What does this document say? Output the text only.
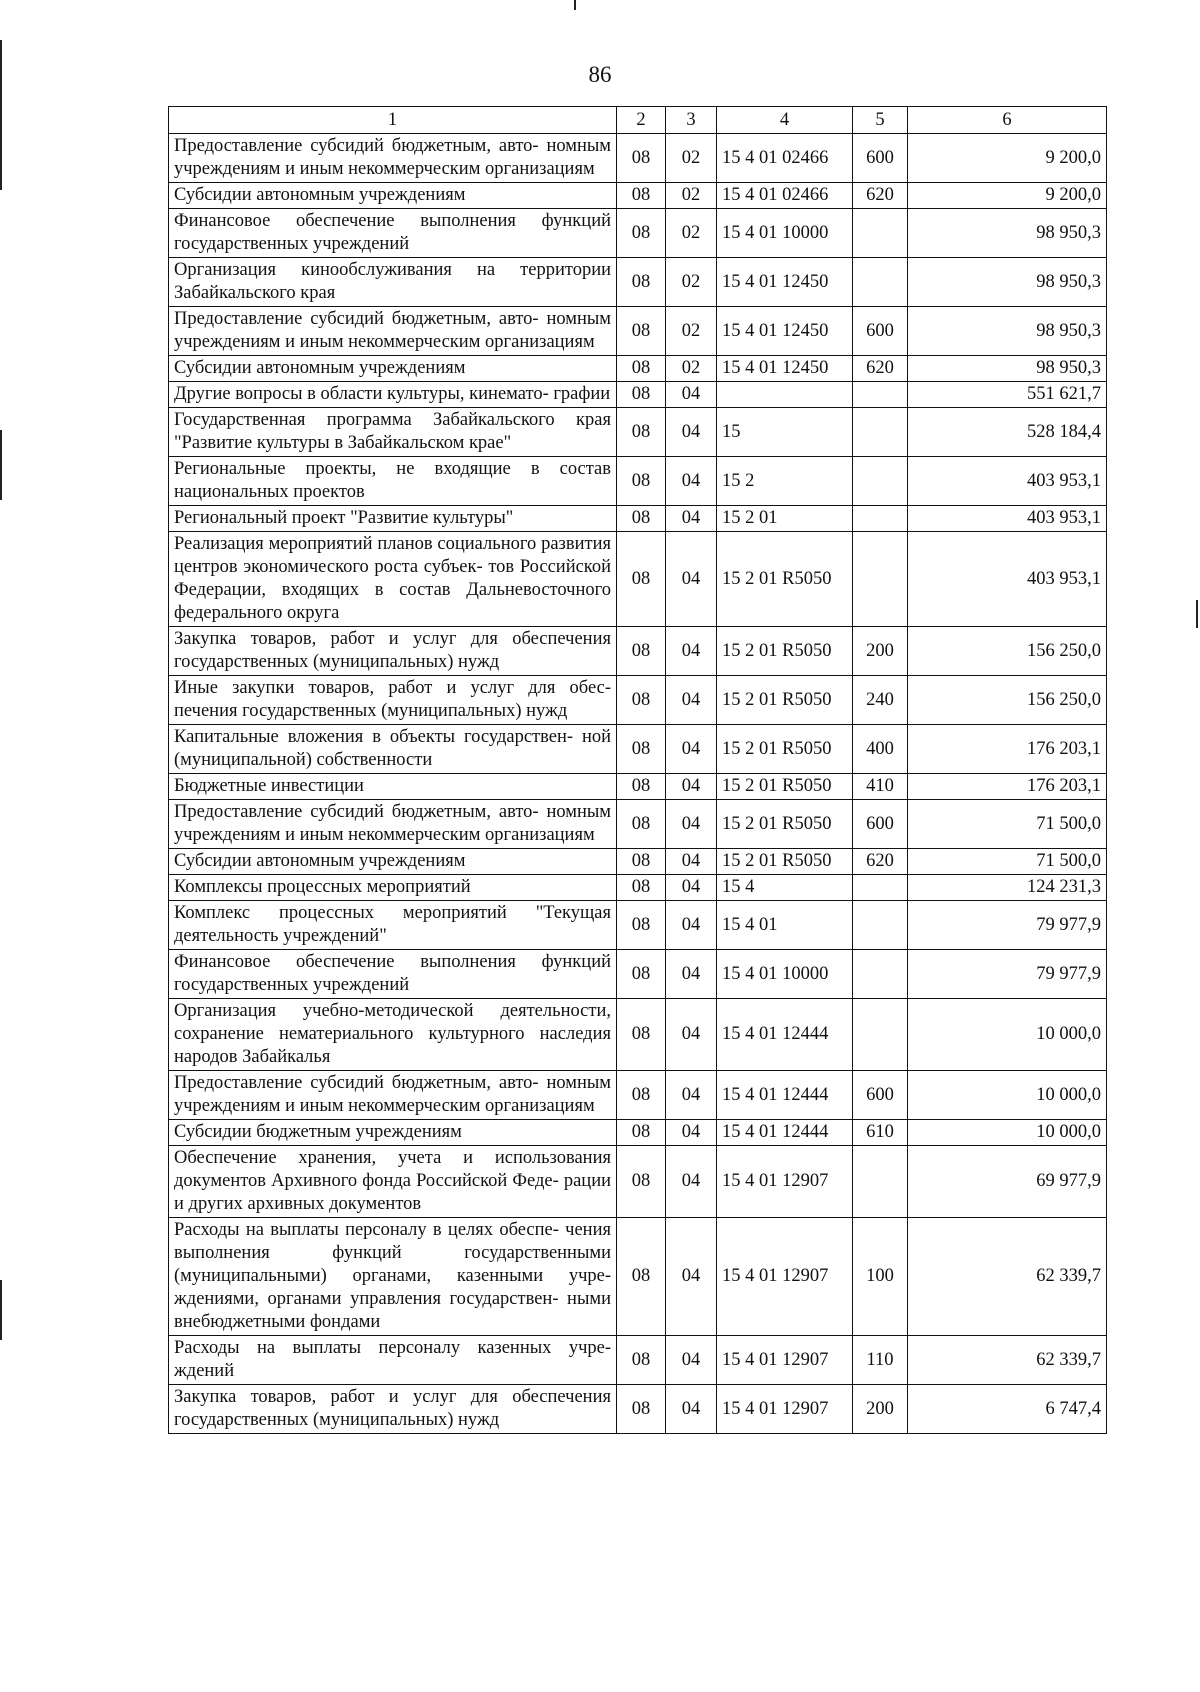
86
1	2	3	4	5	6
Предоставление субсидий бюджетным, авто- номным учреждениям и иным некоммерческим организациям	08	02	15 4 01 02466	600	9 200,0
Субсидии автономным учреждениям	08	02	15 4 01 02466	620	9 200,0
Финансовое обеспечение выполнения функций государственных учреждений	08	02	15 4 01 10000		98 950,3
Организация кинообслуживания на территории Забайкальского края	08	02	15 4 01 12450		98 950,3
Предоставление субсидий бюджетным, авто- номным учреждениям и иным некоммерческим организациям	08	02	15 4 01 12450	600	98 950,3
Субсидии автономным учреждениям	08	02	15 4 01 12450	620	98 950,3
Другие вопросы в области культуры, кинемато- графии	08	04			551 621,7
Государственная программа Забайкальского края "Развитие культуры в Забайкальском крае"	08	04	15		528 184,4
Региональные проекты, не входящие в состав национальных проектов	08	04	15 2		403 953,1
Региональный проект "Развитие культуры"	08	04	15 2 01		403 953,1
Реализация мероприятий планов социального развития центров экономического роста субъек- тов Российской Федерации, входящих в состав Дальневосточного федерального округа	08	04	15 2 01 R5050		403 953,1
Закупка товаров, работ и услуг для обеспечения государственных (муниципальных) нужд	08	04	15 2 01 R5050	200	156 250,0
Иные закупки товаров, работ и услуг для обес- печения государственных (муниципальных) нужд	08	04	15 2 01 R5050	240	156 250,0
Капитальные вложения в объекты государствен- ной (муниципальной) собственности	08	04	15 2 01 R5050	400	176 203,1
Бюджетные инвестиции	08	04	15 2 01 R5050	410	176 203,1
Предоставление субсидий бюджетным, авто- номным учреждениям и иным некоммерческим организациям	08	04	15 2 01 R5050	600	71 500,0
Субсидии автономным учреждениям	08	04	15 2 01 R5050	620	71 500,0
Комплексы процессных мероприятий	08	04	15 4		124 231,3
Комплекс процессных мероприятий "Текущая деятельность учреждений"	08	04	15 4 01		79 977,9
Финансовое обеспечение выполнения функций государственных учреждений	08	04	15 4 01 10000		79 977,9
Организация учебно-методической деятельности, сохранение нематериального культурного наследия народов Забайкалья	08	04	15 4 01 12444		10 000,0
Предоставление субсидий бюджетным, авто- номным учреждениям и иным некоммерческим организациям	08	04	15 4 01 12444	600	10 000,0
Субсидии бюджетным учреждениям	08	04	15 4 01 12444	610	10 000,0
Обеспечение хранения, учета и использования документов Архивного фонда Российской Феде- рации и других архивных документов	08	04	15 4 01 12907		69 977,9
Расходы на выплаты персоналу в целях обеспе- чения выполнения функций государственными (муниципальными) органами, казенными учре- ждениями, органами управления государствен- ными внебюджетными фондами	08	04	15 4 01 12907	100	62 339,7
Расходы на выплаты персоналу казенных учре- ждений	08	04	15 4 01 12907	110	62 339,7
Закупка товаров, работ и услуг для обеспечения государственных (муниципальных) нужд	08	04	15 4 01 12907	200	6 747,4
